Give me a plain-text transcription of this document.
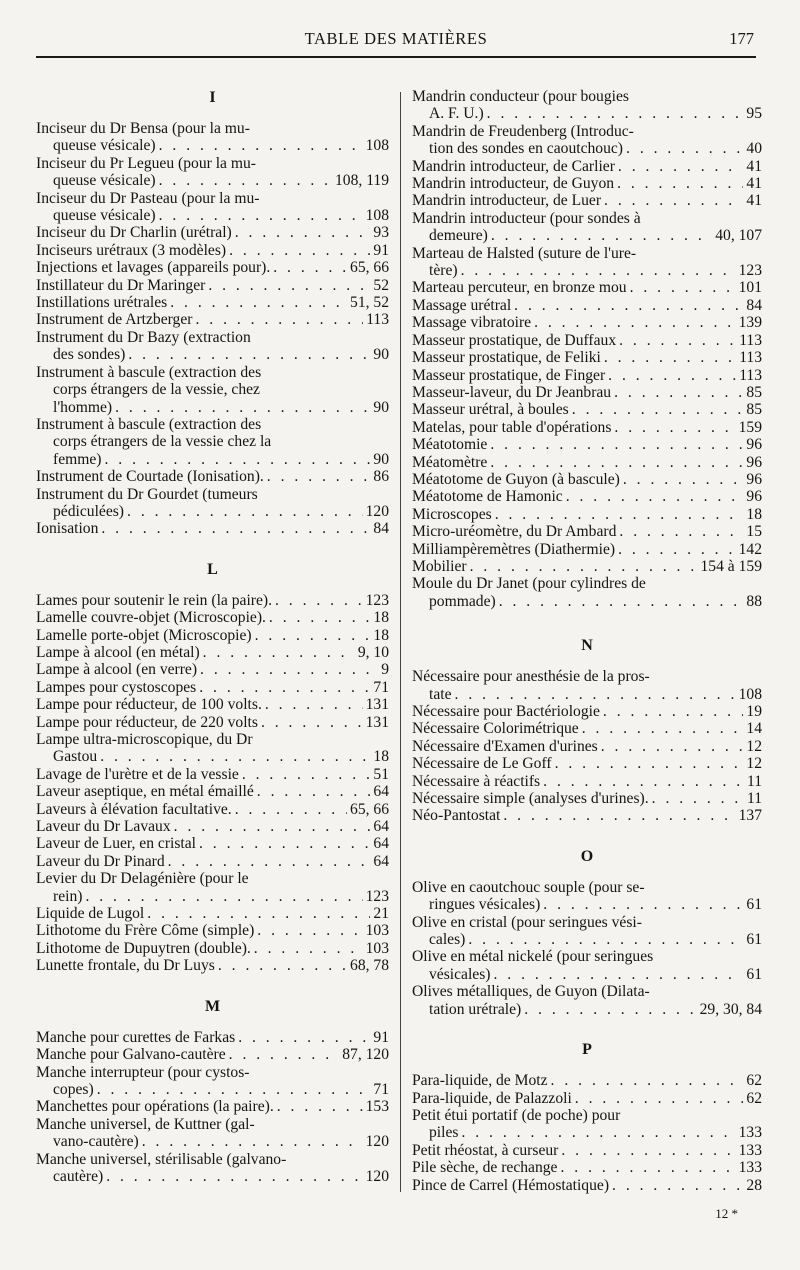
TABLE DES MATIÈRES	177
I
Inciseur du Dr Bensa (pour la mu-
queuse vésicale) . . .	108
Inciseur du Pr Legueu (pour la mu-
queuse vésicale) . . .	108, 119
Inciseur du Dr Pasteau (pour la mu-
queuse vésicale) . . .	108
Inciseur du Dr Charlin (urétral) . . .	93
Inciseurs urétraux (3 modèles) . . .	91
Injections et lavages (appareils pour). . . .	65, 66
Instillateur du Dr Maringer . . .	52
Instillations urétrales . . .	51, 52
Instrument de Artzberger . . .	113
Instrument du Dr Bazy (extraction
des sondes) . . .	90
Instrument à bascule (extraction des
corps étrangers de la vessie, chez
l'homme) . . .	90
Instrument à bascule (extraction des
corps étrangers de la vessie chez la
femme) . . .	90
Instrument de Courtade (Ionisation). . . .	86
Instrument du Dr Gourdet (tumeurs
pédiculées) . . .	120
Ionisation . . .	84
L
Lames pour soutenir le rein (la paire). . . .	123
Lamelle couvre-objet (Microscopie). . . .	18
Lamelle porte-objet (Microscopie) . . .	18
Lampe à alcool (en métal) . . .	9, 10
Lampe à alcool (en verre) . . .	9
Lampes pour cystoscopes . . .	71
Lampe pour réducteur, de 100 volts. . . .	131
Lampe pour réducteur, de 220 volts . . .	131
Lampe ultra-microscopique, du Dr
Gastou . . .	18
Lavage de l'urètre et de la vessie . . .	51
Laveur aseptique, en métal émaillé . . .	64
Laveurs à élévation facultative. . . .	65, 66
Laveur du Dr Lavaux . . .	64
Laveur de Luer, en cristal . . .	64
Laveur du Dr Pinard . . .	64
Levier du Dr Delagénière (pour le
rein) . . .	123
Liquide de Lugol . . .	21
Lithotome du Frère Côme (simple) . . .	103
Lithotome de Dupuytren (double). . . .	103
Lunette frontale, du Dr Luys . . .	68, 78
M
Manche pour curettes de Farkas . . .	91
Manche pour Galvano-cautère . . .	87, 120
Manche interrupteur (pour cystos-
copes) . . .	71
Manchettes pour opérations (la paire). . . .	153
Manche universel, de Kuttner (gal-
vano-cautère) . . .	120
Manche universel, stérilisable (galvano-
cautère) . . .	120
Mandrin conducteur (pour bougies
A. F. U.) . . .	95
Mandrin de Freudenberg (Introduc-
tion des sondes en caoutchouc) . . .	40
Mandrin introducteur, de Carlier . . .	41
Mandrin introducteur, de Guyon . . .	41
Mandrin introducteur, de Luer . . .	41
Mandrin introducteur (pour sondes à
demeure) . . .	40, 107
Marteau de Halsted (suture de l'ure-
tère) . . .	123
Marteau percuteur, en bronze mou . . .	101
Massage urétral . . .	84
Massage vibratoire . . .	139
Masseur prostatique, de Duffaux . . .	113
Masseur prostatique, de Feliki . . .	113
Masseur prostatique, de Finger . . .	113
Masseur-laveur, du Dr Jeanbrau . . .	85
Masseur urétral, à boules . . .	85
Matelas, pour table d'opérations . . .	159
Méatotomie . . .	96
Méatomètre . . .	96
Méatotome de Guyon (à bascule) . . .	96
Méatotome de Hamonic . . .	96
Microscopes . . .	18
Micro-uréomètre, du Dr Ambard . . .	15
Milliampèremètres (Diathermie) . . .	142
Mobilier . . .	154 à 159
Moule du Dr Janet (pour cylindres de
pommade) . . .	88
N
Nécessaire pour anesthésie de la pros-
tate . . .	108
Nécessaire pour Bactériologie . . .	19
Nécessaire Colorimétrique . . .	14
Nécessaire d'Examen d'urines . . .	12
Nécessaire de Le Goff . . .	12
Nécessaire à réactifs . . .	11
Nécessaire simple (analyses d'urines). . . .	11
Néo-Pantostat . . .	137
O
Olive en caoutchouc souple (pour se-
ringues vésicales) . . .	61
Olive en cristal (pour seringues vési-
cales) . . .	61
Olive en métal nickelé (pour seringues
vésicales) . . .	61
Olives métalliques, de Guyon (Dilata-
tation urétrale) . . .	29, 30, 84
P
Para-liquide, de Motz . . .	62
Para-liquide, de Palazzoli . . .	62
Petit étui portatif (de poche) pour
piles . . .	133
Petit rhéostat, à curseur . . .	133
Pile sèche, de rechange . . .	133
Pince de Carrel (Hémostatique) . . .	28
12 *
